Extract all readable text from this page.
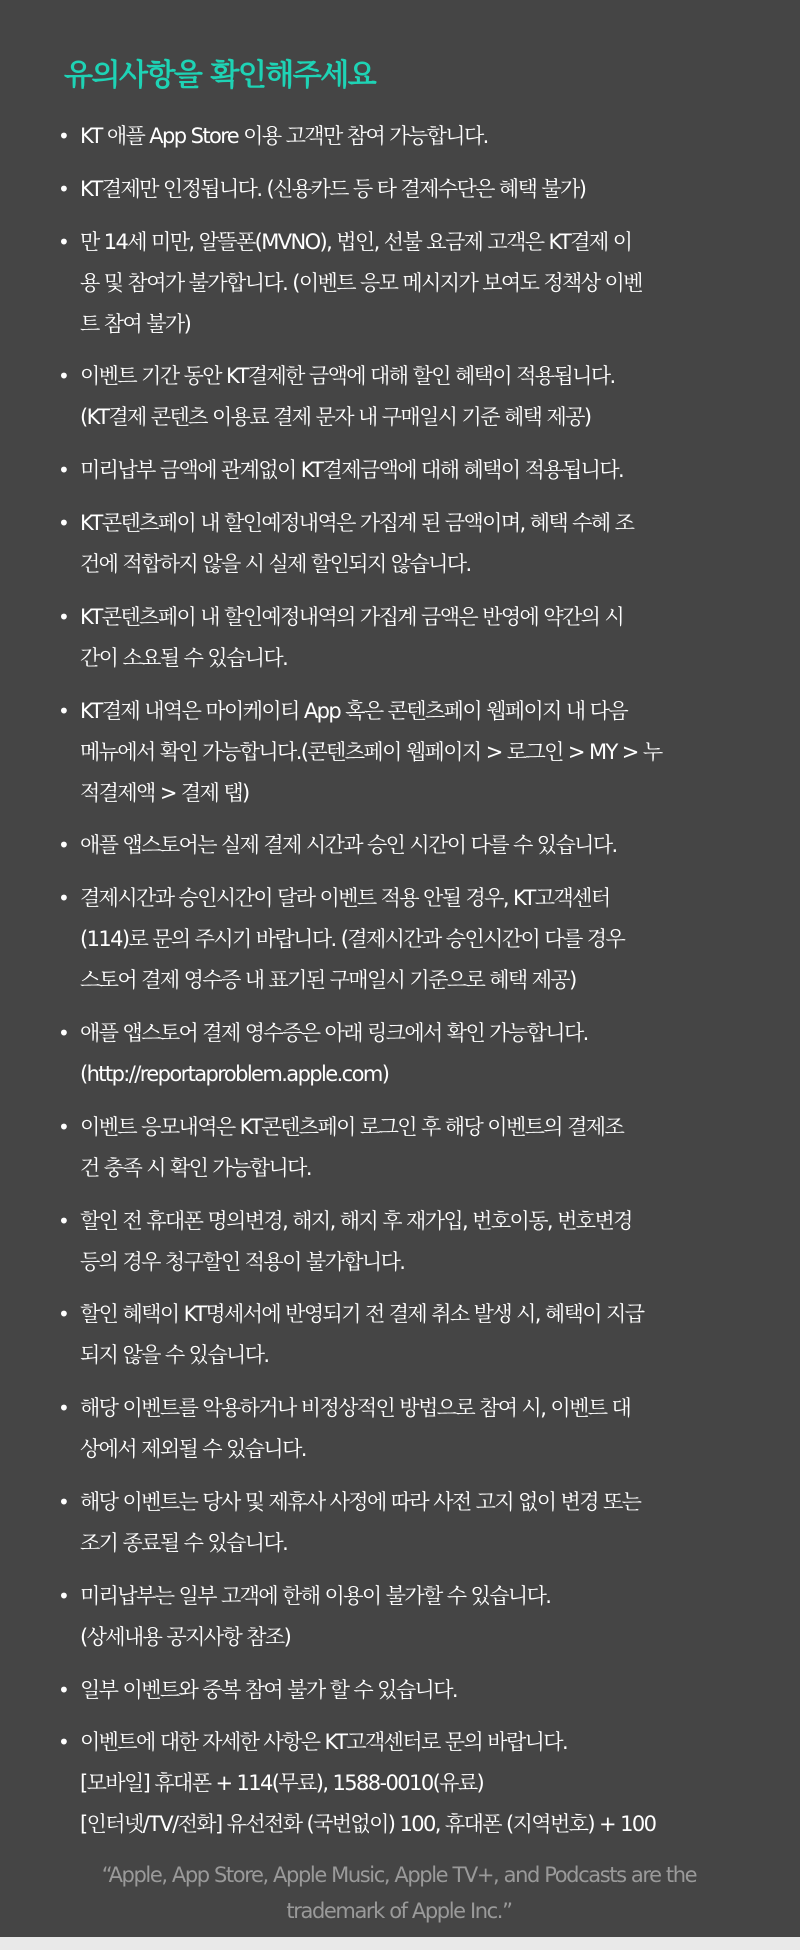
유의사항을 확인해주세요
• KT 애플 App Store 이용 고객만 참여 가능합니다.
• KT결제만 인정됩니다. (신용카드 등 타 결제수단은 혜택 불가)
• 만 14세 미만, 알뜰폰(MVNO), 법인, 선불 요금제 고객은 KT결제 이
용 및 참여가 불가합니다. (이벤트 응모 메시지가 보여도 정책상 이벤
트 참여 불가)
• 이벤트 기간 동안 KT결제한 금액에 대해 할인 혜택이 적용됩니다.
(KT결제 콘텐츠 이용료 결제 문자 내 구매일시 기준 혜택 제공)
• 미리납부 금액에 관계없이 KT결제금액에 대해 혜택이 적용됩니다.
• KT콘텐츠페이 내 할인예정내역은 가집계 된 금액이며, 혜택 수혜 조
건에 적합하지 않을 시 실제 할인되지 않습니다.
• KT콘텐츠페이 내 할인예정내역의 가집계 금액은 반영에 약간의 시
간이 소요될 수 있습니다.
• KT결제 내역은 마이케이티 App 혹은 콘텐츠페이 웹페이지 내 다음
메뉴에서 확인 가능합니다.(콘텐츠페이 웹페이지 > 로그인 > MY > 누
적결제액 > 결제 탭)
• 애플 앱스토어는 실제 결제 시간과 승인 시간이 다를 수 있습니다.
• 결제시간과 승인시간이 달라 이벤트 적용 안될 경우, KT고객센터
(114)로 문의 주시기 바랍니다. (결제시간과 승인시간이 다를 경우
스토어 결제 영수증 내 표기된 구매일시 기준으로 혜택 제공)
• 애플 앱스토어 결제 영수증은 아래 링크에서 확인 가능합니다.
(http://reportaproblem.apple.com)
• 이벤트 응모내역은 KT콘텐츠페이 로그인 후 해당 이벤트의 결제조
건 충족 시 확인 가능합니다.
• 할인 전 휴대폰 명의변경, 해지, 해지 후 재가입, 번호이동, 번호변경
등의 경우 청구할인 적용이 불가합니다.
• 할인 혜택이 KT명세서에 반영되기 전 결제 취소 발생 시, 혜택이 지급
되지 않을 수 있습니다.
• 해당 이벤트를 악용하거나 비정상적인 방법으로 참여 시, 이벤트 대
상에서 제외될 수 있습니다.
• 해당 이벤트는 당사 및 제휴사 사정에 따라 사전 고지 없이 변경 또는
조기 종료될 수 있습니다.
• 미리납부는 일부 고객에 한해 이용이 불가할 수 있습니다.
(상세내용 공지사항 참조)
• 일부 이벤트와 중복 참여 불가 할 수 있습니다.
• 이벤트에 대한 자세한 사항은 KT고객센터로 문의 바랍니다.
[모바일] 휴대폰 + 114(무료), 1588-0010(유료)
[인터넷/TV/전화] 유선전화 (국번없이) 100, 휴대폰 (지역번호) + 100
“Apple, App Store, Apple Music, Apple TV+, and Podcasts are the
trademark of Apple Inc.”
